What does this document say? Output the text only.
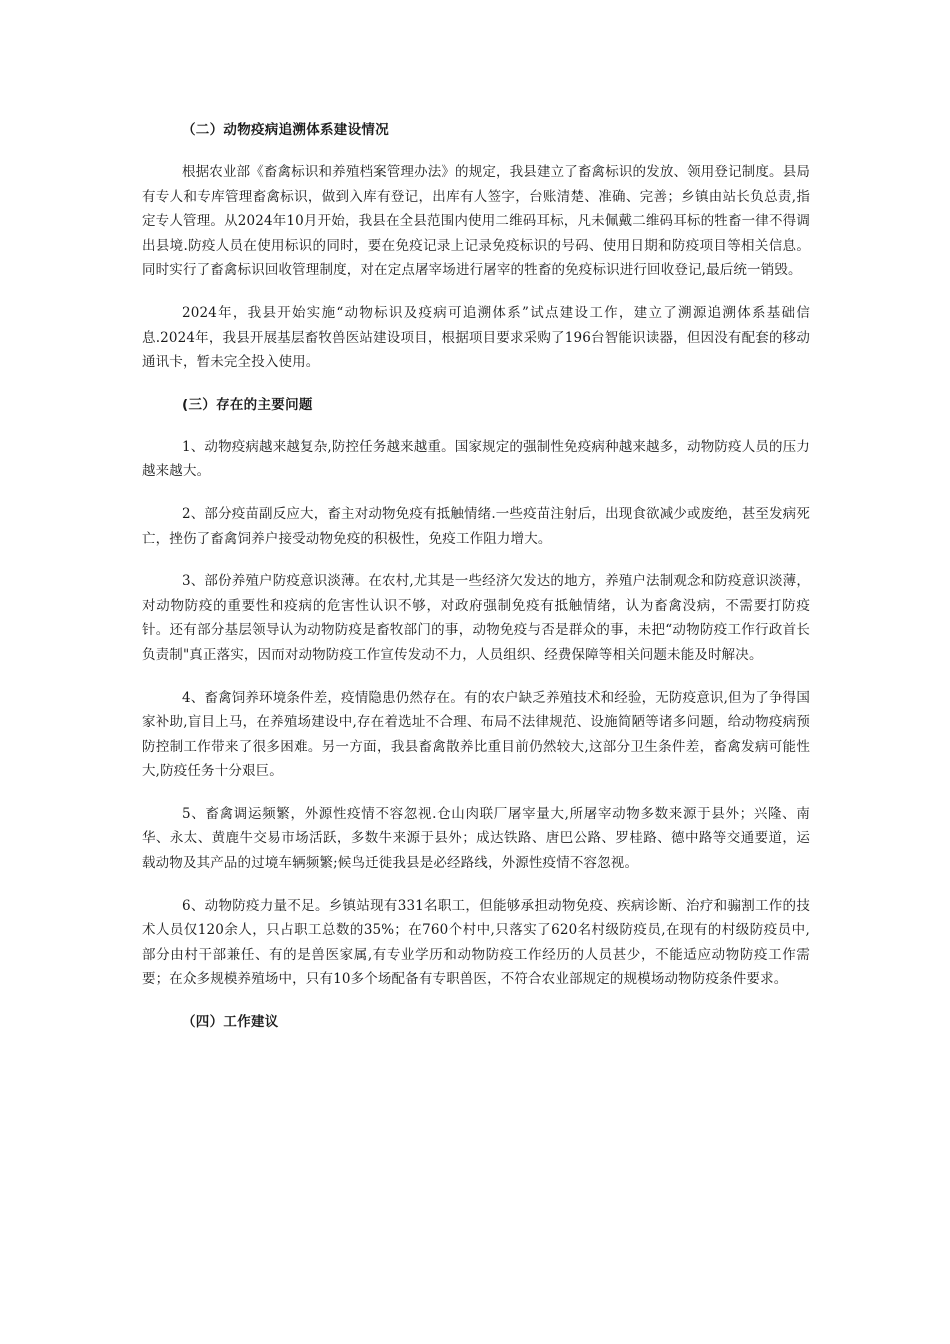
（二）动物疫病追溯体系建设情况

根据农业部《畜禽标识和养殖档案管理办法》的规定，我县建立了畜禽标识的发放、领用登记制度。县局有专人和专库管理畜禽标识，做到入库有登记，出库有人签字，台账清楚、准确、完善；乡镇由站长负总责,指定专人管理。从2024年10月开始，我县在全县范围内使用二维码耳标，凡未佩戴二维码耳标的牲畜一律不得调出县境.防疫人员在使用标识的同时，要在免疫记录上记录免疫标识的号码、使用日期和防疫项目等相关信息。同时实行了畜禽标识回收管理制度，对在定点屠宰场进行屠宰的牲畜的免疫标识进行回收登记,最后统一销毁。

2024年，我县开始实施“动物标识及疫病可追溯体系”试点建设工作，建立了溯源追溯体系基础信息.2024年，我县开展基层畜牧兽医站建设项目，根据项目要求采购了196台智能识读器，但因没有配套的移动通讯卡，暂未完全投入使用。

(三）存在的主要问题

1、动物疫病越来越复杂,防控任务越来越重。国家规定的强制性免疫病种越来越多，动物防疫人员的压力越来越大。

2、部分疫苗副反应大，畜主对动物免疫有抵触情绪.一些疫苗注射后，出现食欲减少或废绝，甚至发病死亡，挫伤了畜禽饲养户接受动物免疫的积极性，免疫工作阻力增大。

3、部份养殖户防疫意识淡薄。在农村,尤其是一些经济欠发达的地方，养殖户法制观念和防疫意识淡薄，对动物防疫的重要性和疫病的危害性认识不够，对政府强制免疫有抵触情绪，认为畜禽没病，不需要打防疫针。还有部分基层领导认为动物防疫是畜牧部门的事，动物免疫与否是群众的事，未把“动物防疫工作行政首长负责制"真正落实，因而对动物防疫工作宣传发动不力，人员组织、经费保障等相关问题未能及时解决。

4、畜禽饲养环境条件差，疫情隐患仍然存在。有的农户缺乏养殖技术和经验，无防疫意识,但为了争得国家补助,盲目上马，在养殖场建设中,存在着选址不合理、布局不法律规范、设施简陋等诸多问题，给动物疫病预防控制工作带来了很多困难。另一方面，我县畜禽散养比重目前仍然较大,这部分卫生条件差，畜禽发病可能性大,防疫任务十分艰巨。

5、畜禽调运频繁，外源性疫情不容忽视.仓山肉联厂屠宰量大,所屠宰动物多数来源于县外；兴隆、南华、永太、黄鹿牛交易市场活跃，多数牛来源于县外；成达铁路、唐巴公路、罗桂路、德中路等交通要道，运载动物及其产品的过境车辆频繁;候鸟迁徙我县是必经路线，外源性疫情不容忽视。

6、动物防疫力量不足。乡镇站现有331名职工，但能够承担动物免疫、疾病诊断、治疗和骟割工作的技术人员仅120余人，只占职工总数的35%；在760个村中,只落实了620名村级防疫员,在现有的村级防疫员中,部分由村干部兼任、有的是兽医家属,有专业学历和动物防疫工作经历的人员甚少，不能适应动物防疫工作需要；在众多规模养殖场中，只有10多个场配备有专职兽医，不符合农业部规定的规模场动物防疫条件要求。

（四）工作建议
